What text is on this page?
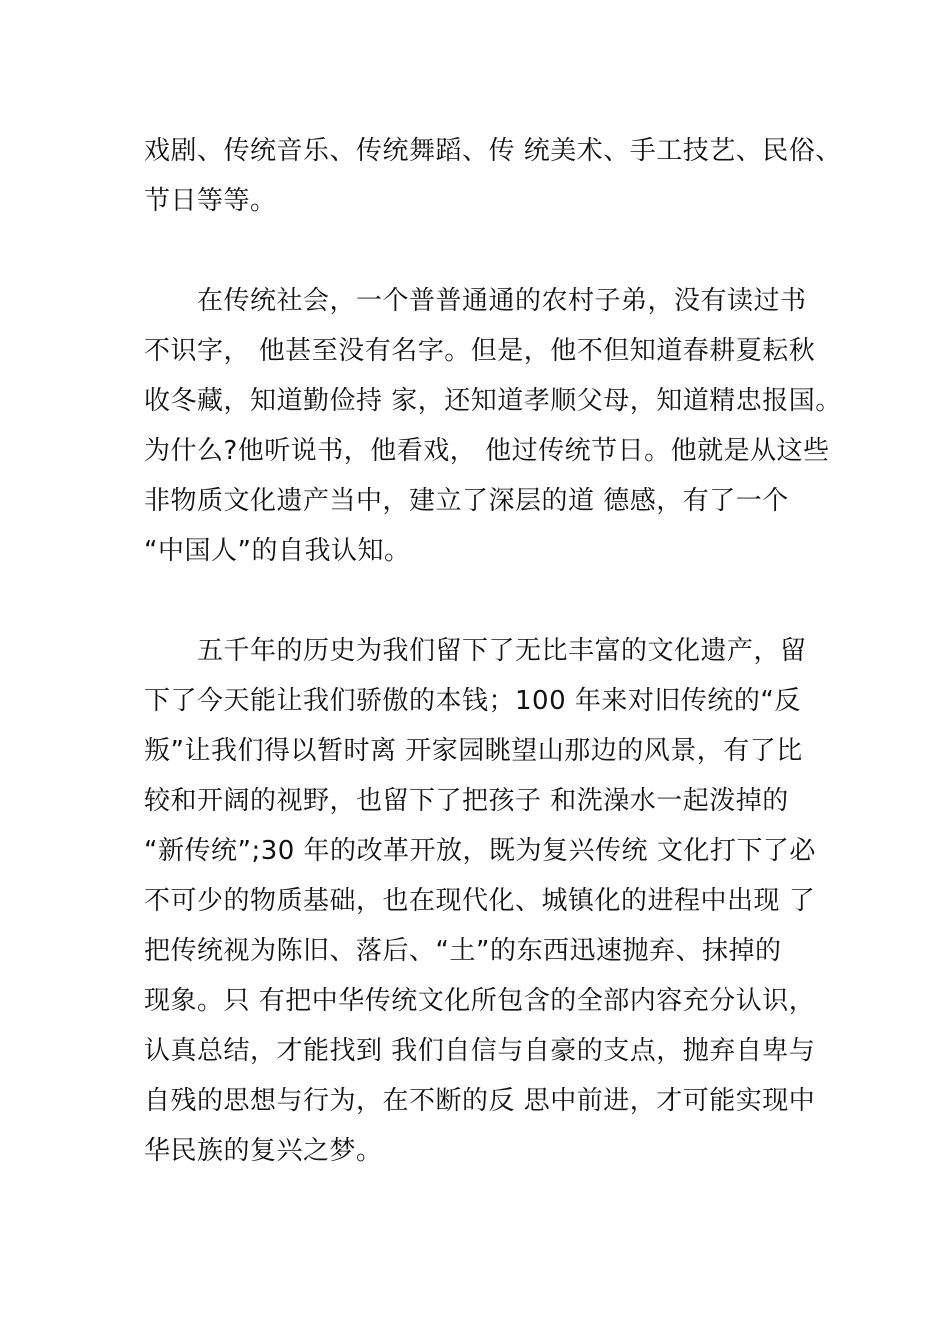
戏剧、传统音乐、传统舞蹈、传 统美术、手工技艺、民俗、
节日等等。
在传统社会，一个普普通通的农村子弟，没有读过书
不识字， 他甚至没有名字。但是，他不但知道春耕夏耘秋
收冬藏，知道勤俭持 家，还知道孝顺父母，知道精忠报国。
为什么?他听说书，他看戏， 他过传统节日。他就是从这些
非物质文化遗产当中，建立了深层的道 德感，有了一个
“中国人”的自我认知。
五千年的历史为我们留下了无比丰富的文化遗产，留
下了今天能让我们骄傲的本钱；100 年来对旧传统的“反
叛”让我们得以暂时离 开家园眺望山那边的风景，有了比
较和开阔的视野，也留下了把孩子 和洗澡水一起泼掉的
“新传统”;30 年的改革开放，既为复兴传统 文化打下了必
不可少的物质基础，也在现代化、城镇化的进程中出现 了
把传统视为陈旧、落后、“土”的东西迅速抛弃、抹掉的
现象。只 有把中华传统文化所包含的全部内容充分认识，
认真总结，才能找到 我们自信与自豪的支点，抛弃自卑与
自残的思想与行为，在不断的反 思中前进，才可能实现中
华民族的复兴之梦。
